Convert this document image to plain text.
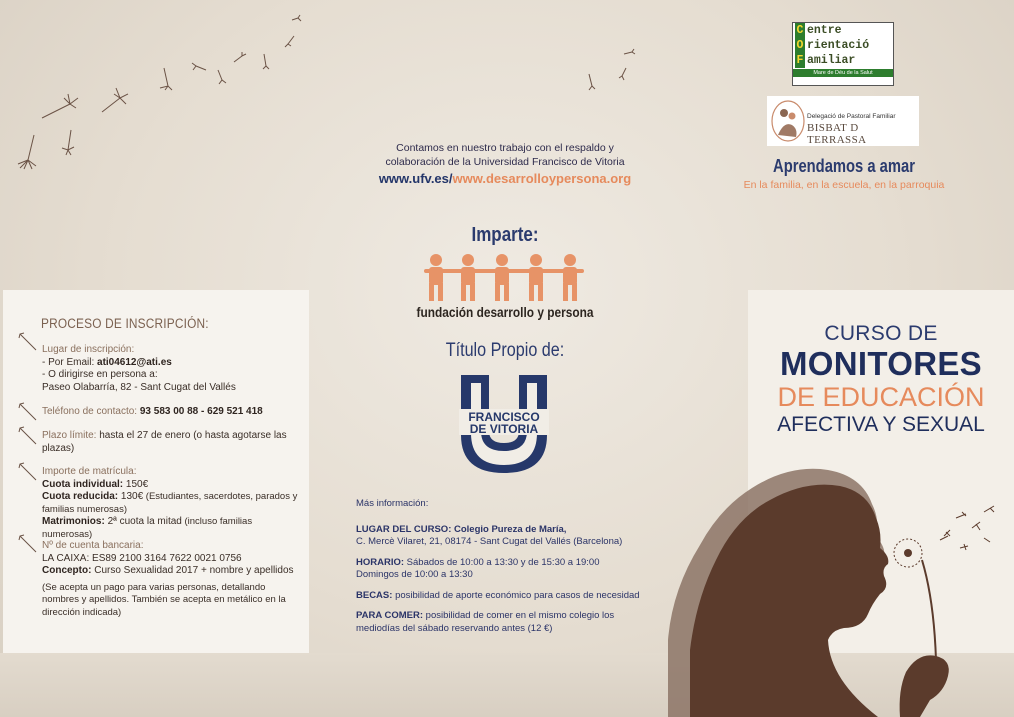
C entre
O rientació
F amiliar
Mare de Déu de la Salut
Delegació de Pastoral Familiar
BISBAT D TERRASSA
Aprendamos a amar
En la familia, en la escuela, en la parroquia
Contamos en nuestro trabajo con el respaldo y
colaboración de la Universidad Francisco de Vitoria
www.ufv.es/www.desarrolloypersona.org
Imparte:
fundación desarrollo y persona
Título Propio de:
FRANCISCO
DE VITORIA
Madrid
PROCESO DE INSCRIPCIÓN:
Lugar de inscripción:
- Por Email: ati04612@ati.es
- O dirigirse en persona a:
Paseo Olabarría, 82 - Sant Cugat del Vallés
Teléfono de contacto: 93 583 00 88 - 629 521 418
Plazo límite: hasta el 27 de enero (o hasta agotarse las plazas)
Importe de matrícula:
Cuota individual: 150€
Cuota reducida: 130€ (Estudiantes, sacerdotes, parados y familias numerosas)
Matrimonios: 2ª cuota la mitad (incluso familias numerosas)
Nº de cuenta bancaria:
LA CAIXA: ES89 2100 3164 7622 0021 0756
Concepto: Curso Sexualidad 2017 + nombre y apellidos
(Se acepta un pago para varias personas, detallando nombres y apellidos. También se acepta en metálico en la dirección indicada)
Más información:

LUGAR DEL CURSO: Colegio Pureza de María,
C. Mercè Vilaret, 21, 08174 - Sant Cugat del Vallés (Barcelona)

HORARIO: Sábados de 10:00 a 13:30 y de 15:30 a 19:00
Domingos de 10:00 a 13:30

BECAS: posibilidad de aporte económico para casos de necesidad

PARA COMER: posibilidad de comer en el mismo colegio los mediodías del sábado reservando antes (12 €)

CURSO DE
MONITORES
DE EDUCACIÓN
AFECTIVA Y SEXUAL
